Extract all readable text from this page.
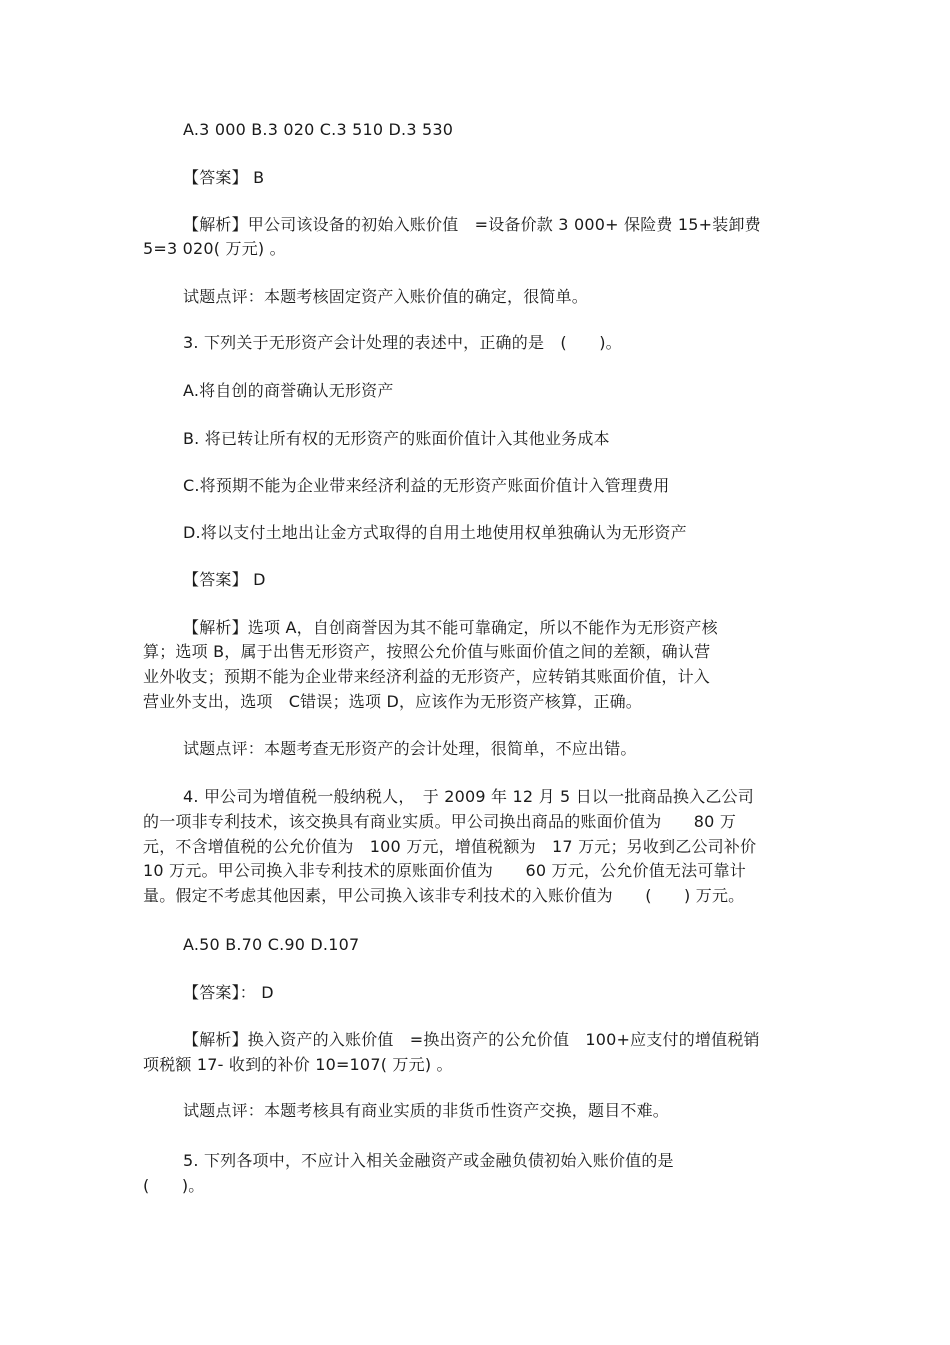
A.3 000 B.3 020 C.3 510 D.3 530
【答案】 B
【解析】甲公司该设备的初始入账价值　=设备价款 3 000+ 保险费 15+装卸费
5=3 020( 万元) 。
试题点评：本题考核固定资产入账价值的确定，很简单。
3. 下列关于无形资产会计处理的表述中，正确的是　(　　)。
A.将自创的商誉确认无形资产
B. 将已转让所有权的无形资产的账面价值计入其他业务成本
C.将预期不能为企业带来经济利益的无形资产账面价值计入管理费用
D.将以支付土地出让金方式取得的自用土地使用权单独确认为无形资产
【答案】 D
【解析】选项 A，自创商誉因为其不能可靠确定，所以不能作为无形资产核
算；选项 B，属于出售无形资产，按照公允价值与账面价值之间的差额，确认营
业外收支；预期不能为企业带来经济利益的无形资产，应转销其账面价值，计入
营业外支出，选项　C错误；选项 D，应该作为无形资产核算，正确。
试题点评：本题考查无形资产的会计处理，很简单，不应出错。
4. 甲公司为增值税一般纳税人，　于 2009 年 12 月 5 日以一批商品换入乙公司
的一项非专利技术，该交换具有商业实质。甲公司换出商品的账面价值为　　80 万
元，不含增值税的公允价值为　100 万元，增值税额为　17 万元；另收到乙公司补价
10 万元。甲公司换入非专利技术的原账面价值为　　60 万元，公允价值无法可靠计
量。假定不考虑其他因素，甲公司换入该非专利技术的入账价值为　　(　　) 万元。
A.50 B.70 C.90 D.107
【答案】： D
【解析】换入资产的入账价值　=换出资产的公允价值　100+应支付的增值税销
项税额 17- 收到的补价 10=107( 万元) 。
试题点评：本题考核具有商业实质的非货币性资产交换，题目不难。
5. 下列各项中，不应计入相关金融资产或金融负债初始入账价值的是
(　　)。
